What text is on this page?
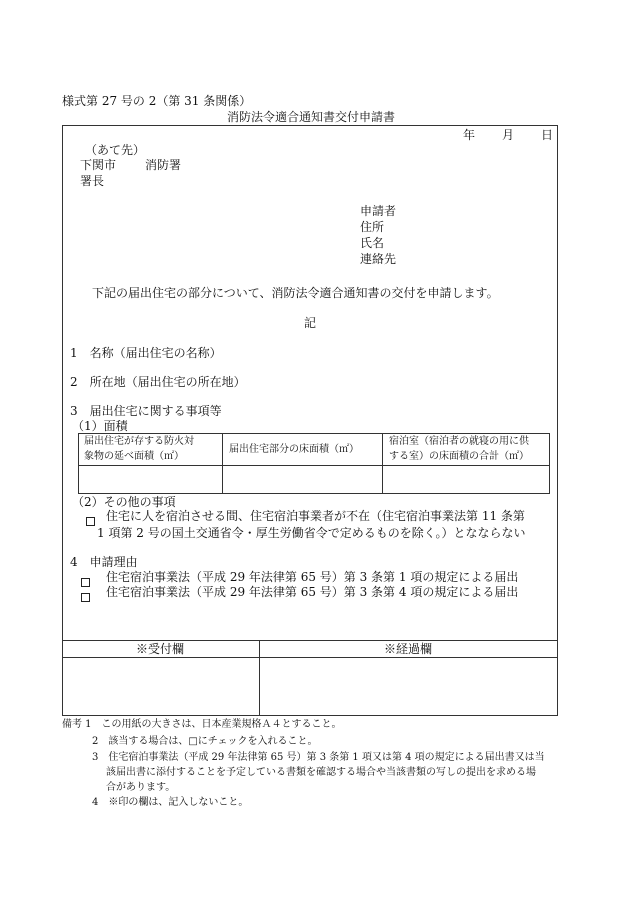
様式第 27 号の 2（第 31 条関係）
消防法令適合通知書交付申請書
年 月 日
（あて先）
下関市 消防署
署長
申請者
住所
氏名
連絡先
下記の届出住宅の部分について、消防法令適合通知書の交付を申請します。
記
1　名称（届出住宅の名称）
2　所在地（届出住宅の所在地）
3　届出住宅に関する事項等
（1）面積
届出住宅が存する防火対
象物の延べ面積（㎡）
届出住宅部分の床面積（㎡）
宿泊室（宿泊者の就寝の用に供
する室）の床面積の合計（㎡）
（2）その他の事項
住宅に人を宿泊させる間、住宅宿泊事業者が不在（住宅宿泊事業法第 11 条第
1 項第 2 号の国土交通省令・厚生労働省令で定めるものを除く。）となならない
4　申請理由
住宅宿泊事業法（平成 29 年法律第 65 号）第 3 条第 1 項の規定による届出
住宅宿泊事業法（平成 29 年法律第 65 号）第 3 条第 4 項の規定による届出
※受付欄	※経過欄
備考 1　この用紙の大きさは、日本産業規格Ａ４とすること。
2　該当する場合は、□にチェックを入れること。
3　住宅宿泊事業法（平成 29 年法律第 65 号）第 3 条第 1 項又は第 4 項の規定による届出書又は当
該届出書に添付することを予定している書類を確認する場合や当該書類の写しの提出を求める場
合があります。
4　※印の欄は、記入しないこと。
